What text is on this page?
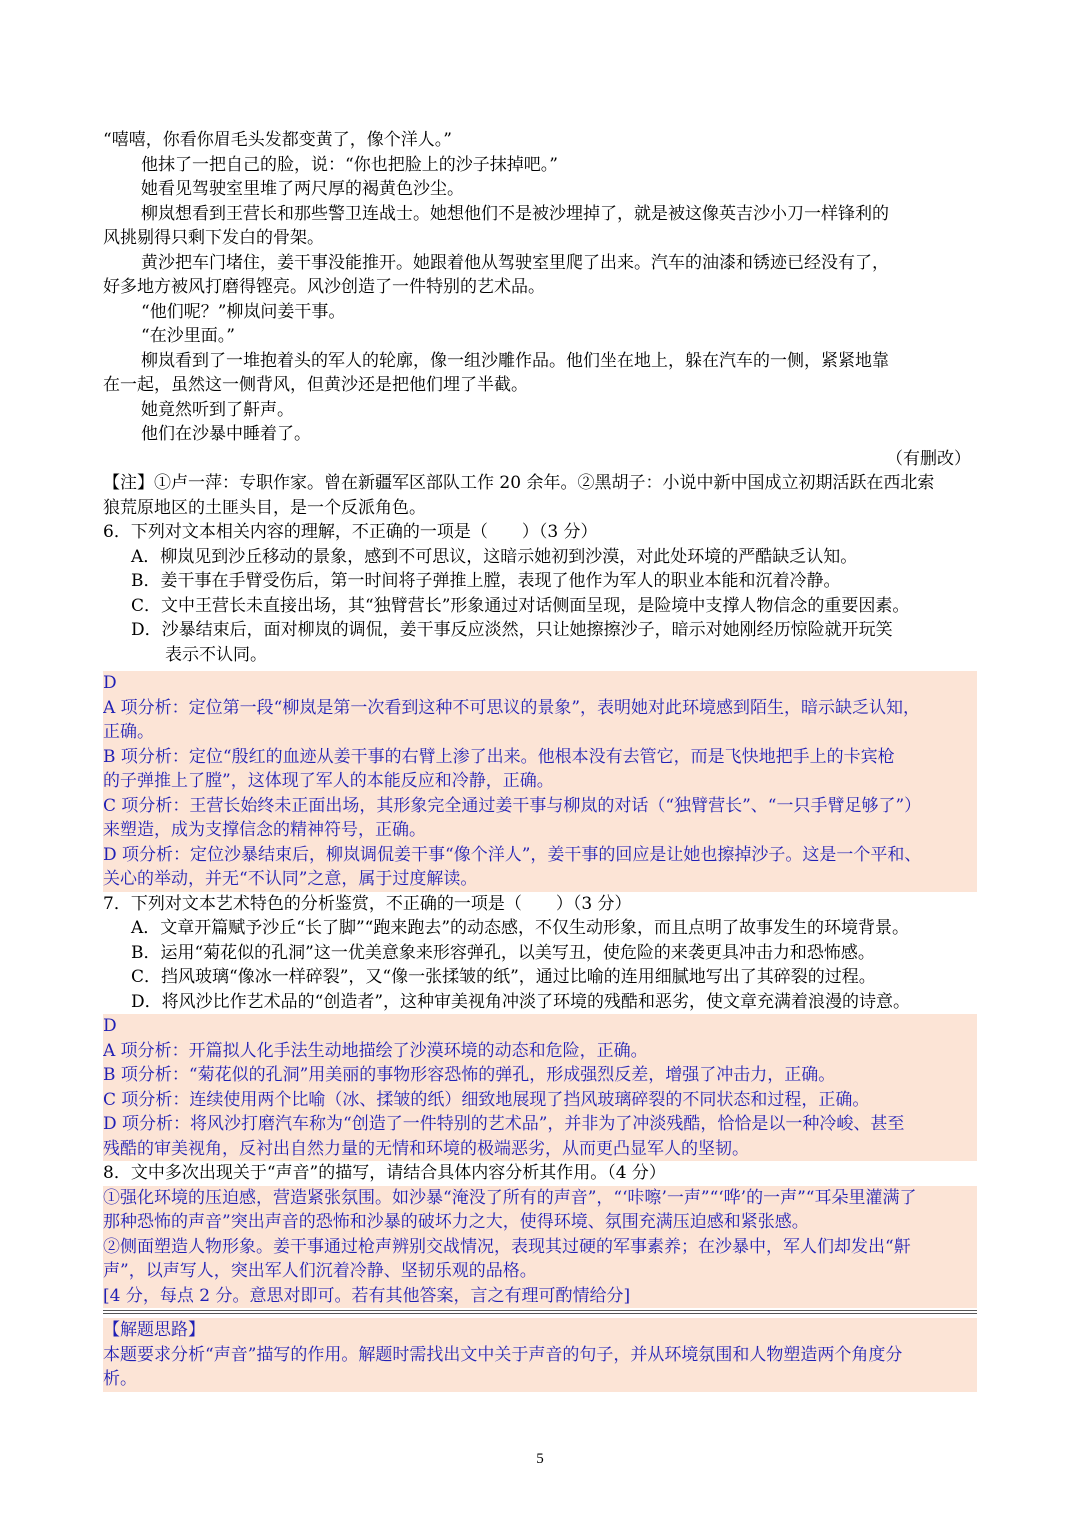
“嘻嘻，你看你眉毛头发都变黄了，像个洋人。”
他抹了一把自己的脸，说：“你也把脸上的沙子抹掉吧。”
她看见驾驶室里堆了两尺厚的褐黄色沙尘。
柳岚想看到王营长和那些警卫连战士。她想他们不是被沙埋掉了，就是被这像英吉沙小刀一样锋利的
风挑剔得只剩下发白的骨架。
黄沙把车门堵住，姜干事没能推开。她跟着他从驾驶室里爬了出来。汽车的油漆和锈迹已经没有了，
好多地方被风打磨得铿亮。风沙创造了一件特别的艺术品。
“他们呢？”柳岚问姜干事。
“在沙里面。”
柳岚看到了一堆抱着头的军人的轮廓，像一组沙雕作品。他们坐在地上，躲在汽车的一侧，紧紧地靠
在一起，虽然这一侧背风，但黄沙还是把他们埋了半截。
她竟然听到了鼾声。
他们在沙暴中睡着了。
（有删改）
【注】①卢一萍：专职作家。曾在新疆军区部队工作 20 余年。②黑胡子：小说中新中国成立初期活跃在西北索
狼荒原地区的土匪头目，是一个反派角色。
6．下列对文本相关内容的理解，不正确的一项是（　　）（3 分）
A．柳岚见到沙丘移动的景象，感到不可思议，这暗示她初到沙漠，对此处环境的严酷缺乏认知。
B．姜干事在手臂受伤后，第一时间将子弹推上膛，表现了他作为军人的职业本能和沉着冷静。
C．文中王营长未直接出场，其“独臂营长”形象通过对话侧面呈现，是险境中支撑人物信念的重要因素。
D．沙暴结束后，面对柳岚的调侃，姜干事反应淡然，只让她擦擦沙子，暗示对她刚经历惊险就开玩笑
表示不认同。
D
A 项分析：定位第一段“柳岚是第一次看到这种不可思议的景象”，表明她对此环境感到陌生，暗示缺乏认知，
正确。
B 项分析：定位“殷红的血迹从姜干事的右臂上渗了出来。他根本没有去管它，而是飞快地把手上的卡宾枪
的子弹推上了膛”，这体现了军人的本能反应和冷静，正确。
C 项分析：王营长始终未正面出场，其形象完全通过姜干事与柳岚的对话（“独臂营长”、“一只手臂足够了”）
来塑造，成为支撑信念的精神符号，正确。
D 项分析：定位沙暴结束后，柳岚调侃姜干事“像个洋人”，姜干事的回应是让她也擦掉沙子。这是一个平和、
关心的举动，并无“不认同”之意，属于过度解读。
7．下列对文本艺术特色的分析鉴赏，不正确的一项是（　　）（3 分）
A．文章开篇赋予沙丘“长了脚”“跑来跑去”的动态感，不仅生动形象，而且点明了故事发生的环境背景。
B．运用“菊花似的孔洞”这一优美意象来形容弹孔，以美写丑，使危险的来袭更具冲击力和恐怖感。
C．挡风玻璃“像冰一样碎裂”，又“像一张揉皱的纸”，通过比喻的连用细腻地写出了其碎裂的过程。
D．将风沙比作艺术品的“创造者”，这种审美视角冲淡了环境的残酷和恶劣，使文章充满着浪漫的诗意。
D
A 项分析：开篇拟人化手法生动地描绘了沙漠环境的动态和危险，正确。
B 项分析：“菊花似的孔洞”用美丽的事物形容恐怖的弹孔，形成强烈反差，增强了冲击力，正确。
C 项分析：连续使用两个比喻（冰、揉皱的纸）细致地展现了挡风玻璃碎裂的不同状态和过程，正确。
D 项分析：将风沙打磨汽车称为“创造了一件特别的艺术品”，并非为了冲淡残酷，恰恰是以一种冷峻、甚至
残酷的审美视角，反衬出自然力量的无情和环境的极端恶劣，从而更凸显军人的坚韧。
8．文中多次出现关于“声音”的描写，请结合具体内容分析其作用。（4 分）
①强化环境的压迫感，营造紧张氛围。如沙暴“淹没了所有的声音”，“‘咔嚓’一声”“‘哗’的一声”“耳朵里灌满了
那种恐怖的声音”突出声音的恐怖和沙暴的破坏力之大，使得环境、氛围充满压迫感和紧张感。
②侧面塑造人物形象。姜干事通过枪声辨别交战情况，表现其过硬的军事素养；在沙暴中，军人们却发出“鼾
声”，以声写人，突出军人们沉着冷静、坚韧乐观的品格。
[4 分，每点 2 分。意思对即可。若有其他答案，言之有理可酌情给分]
【解题思路】
本题要求分析“声音”描写的作用。解题时需找出文中关于声音的句子，并从环境氛围和人物塑造两个角度分
析。
5
